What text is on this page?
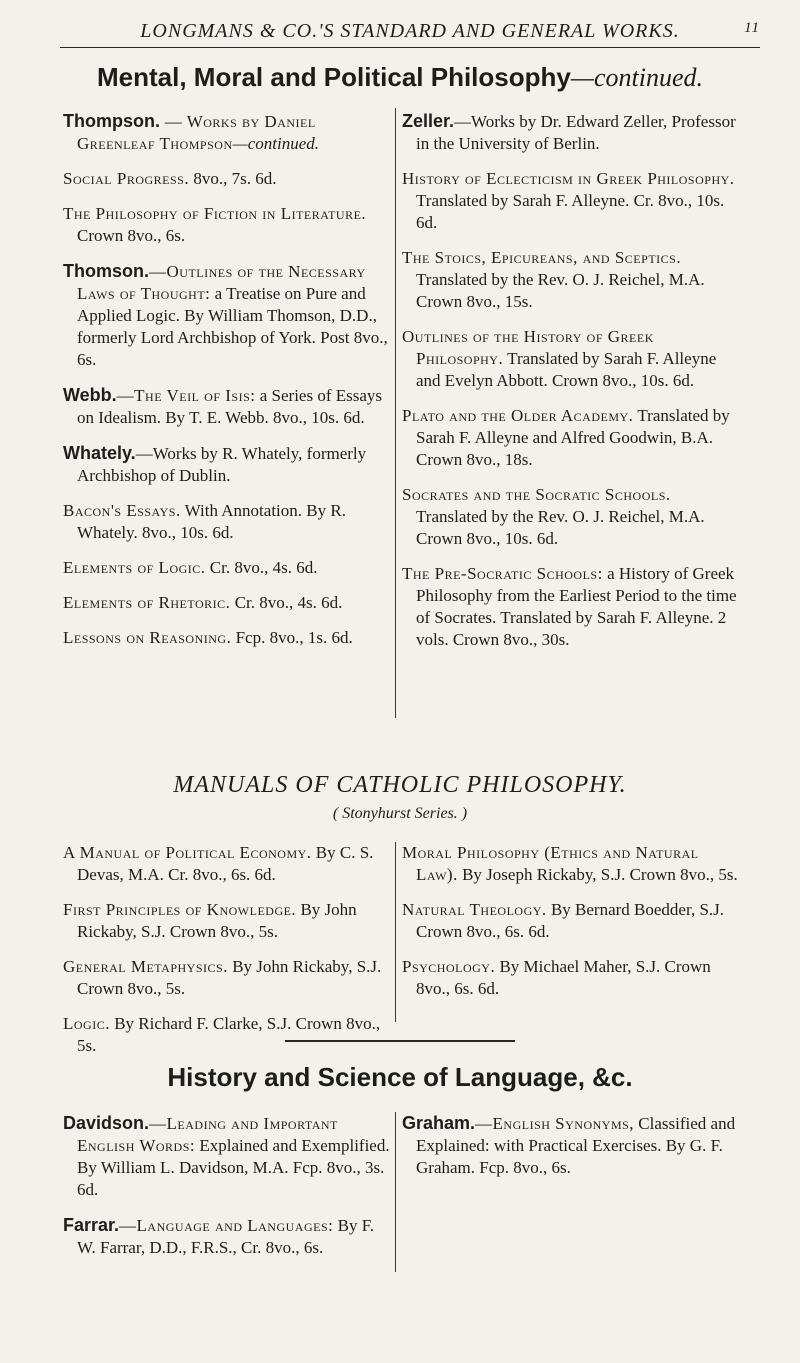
LONGMANS & CO.'S STANDARD AND GENERAL WORKS.	11
Mental, Moral and Political Philosophy—continued.
Thompson. — Works by Daniel Greenleaf Thompson—continued.
Social Progress. 8vo., 7s. 6d.
The Philosophy of Fiction in Literature. Crown 8vo., 6s.
Thomson.—Outlines of the Necessary Laws of Thought: a Treatise on Pure and Applied Logic. By William Thomson, D.D., formerly Lord Archbishop of York. Post 8vo., 6s.
Webb.—The Veil of Isis: a Series of Essays on Idealism. By T. E. Webb. 8vo., 10s. 6d.
Whately.—Works by R. Whately, formerly Archbishop of Dublin.
Bacon's Essays. With Annotation. By R. Whately. 8vo., 10s. 6d.
Elements of Logic. Cr. 8vo., 4s. 6d.
Elements of Rhetoric. Cr. 8vo., 4s. 6d.
Lessons on Reasoning. Fcp. 8vo., 1s. 6d.
Zeller.—Works by Dr. Edward Zeller, Professor in the University of Berlin.
History of Eclecticism in Greek Philosophy. Translated by Sarah F. Alleyne. Cr. 8vo., 10s. 6d.
The Stoics, Epicureans, and Sceptics. Translated by the Rev. O. J. Reichel, M.A. Crown 8vo., 15s.
Outlines of the History of Greek Philosophy. Translated by Sarah F. Alleyne and Evelyn Abbott. Crown 8vo., 10s. 6d.
Plato and the Older Academy. Translated by Sarah F. Alleyne and Alfred Goodwin, B.A. Crown 8vo., 18s.
Socrates and the Socratic Schools. Translated by the Rev. O. J. Reichel, M.A. Crown 8vo., 10s. 6d.
The Pre-Socratic Schools: a History of Greek Philosophy from the Earliest Period to the time of Socrates. Translated by Sarah F. Alleyne. 2 vols. Crown 8vo., 30s.
MANUALS OF CATHOLIC PHILOSOPHY.
( Stonyhurst Series. )
A Manual of Political Economy. By C. S. Devas, M.A. Cr. 8vo., 6s. 6d.
First Principles of Knowledge. By John Rickaby, S.J. Crown 8vo., 5s.
General Metaphysics. By John Rickaby, S.J. Crown 8vo., 5s.
Logic. By Richard F. Clarke, S.J. Crown 8vo., 5s.
Moral Philosophy (Ethics and Natural Law). By Joseph Rickaby, S.J. Crown 8vo., 5s.
Natural Theology. By Bernard Boedder, S.J. Crown 8vo., 6s. 6d.
Psychology. By Michael Maher, S.J. Crown 8vo., 6s. 6d.
History and Science of Language, &c.
Davidson.—Leading and Important English Words: Explained and Exemplified. By William L. Davidson, M.A. Fcp. 8vo., 3s. 6d.
Farrar.—Language and Languages: By F. W. Farrar, D.D., F.R.S., Cr. 8vo., 6s.
Graham.—English Synonyms, Classified and Explained: with Practical Exercises. By G. F. Graham. Fcp. 8vo., 6s.
